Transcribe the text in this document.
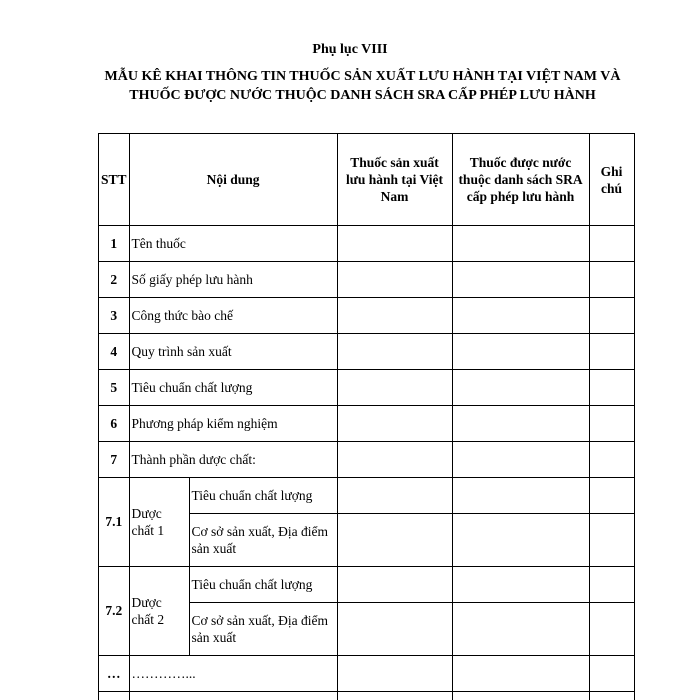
Phụ lục VIII
MẪU KÊ KHAI THÔNG TIN THUỐC SẢN XUẤT LƯU HÀNH TẠI VIỆT NAM VÀ THUỐC ĐƯỢC NƯỚC THUỘC DANH SÁCH SRA CẤP PHÉP LƯU HÀNH
STT	Nội dung		Thuốc sản xuất lưu hành tại Việt Nam	Thuốc được nước thuộc danh sách SRA cấp phép lưu hành	Ghi chú
1	Tên thuốc				
2	Số giấy phép lưu hành				
3	Công thức bào chế				
4	Quy trình sản xuất				
5	Tiêu chuẩn chất lượng				
6	Phương pháp kiểm nghiệm				
7	Thành phần dược chất:				
7.1	Dược chất 1	Tiêu chuẩn chất lượng			
		Cơ sở sản xuất, Địa điểm sản xuất			
7.2	Dược chất 2	Tiêu chuẩn chất lượng			
		Cơ sở sản xuất, Địa điểm sản xuất			
…	…………...				
